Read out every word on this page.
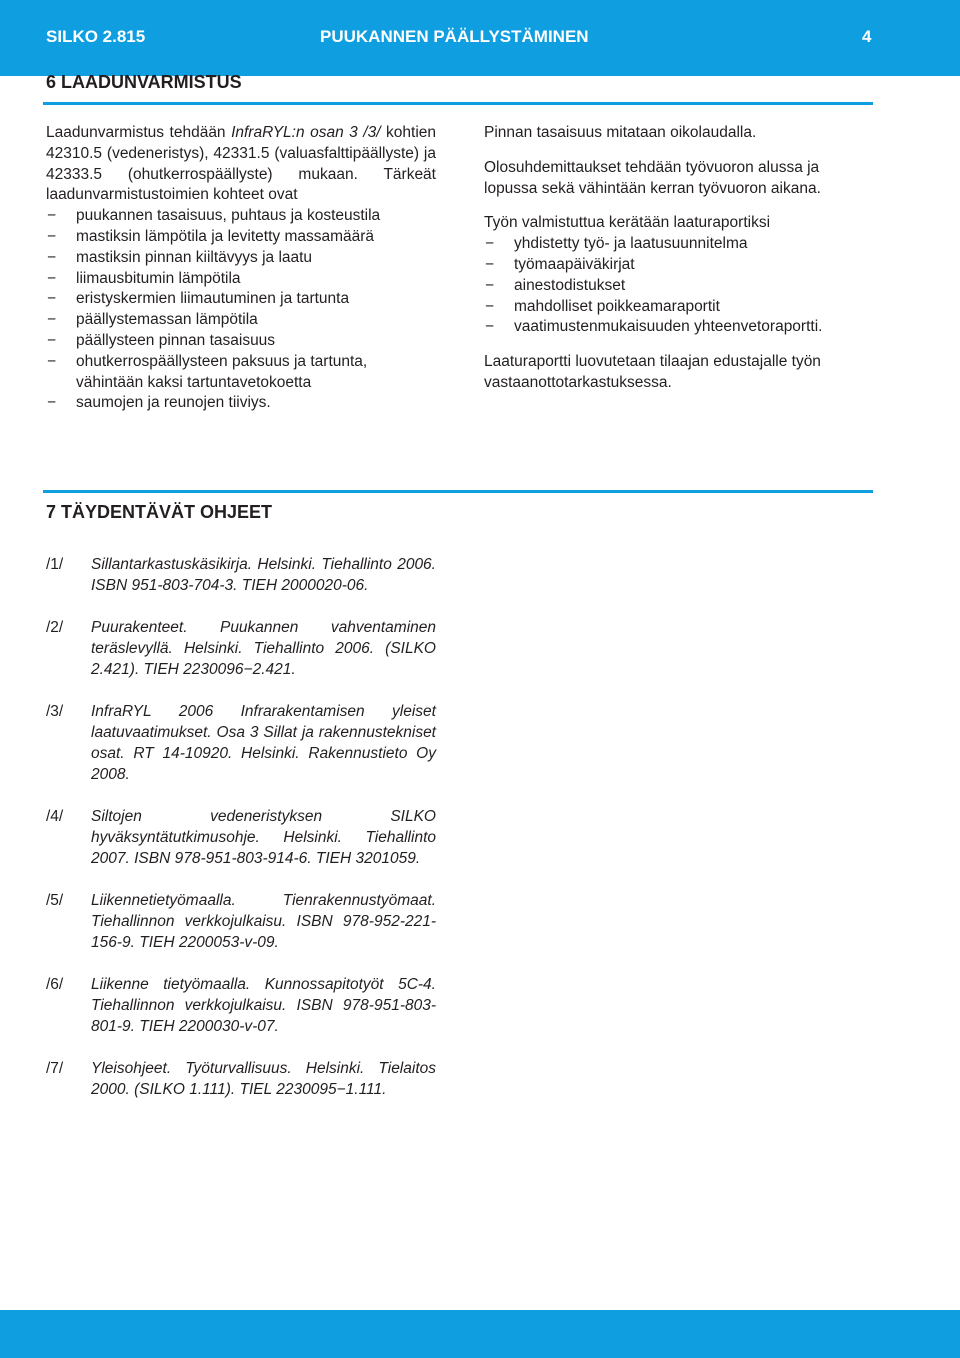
SILKO 2.815	PUUKANNEN PÄÄLLYSTÄMINEN	4
6 LAADUNVARMISTUS

Laadunvarmistus tehdään InfraRYL:n osan 3 /3/ kohtien 42310.5 (vedeneristys), 42331.5 (valuasfalttipäällyste) ja 42333.5 (ohutkerrospäällyste) mukaan. Tärkeät laadunvarmistustoimien kohteet ovat

− puukannen tasaisuus, puhtaus ja kosteustila
− mastiksin lämpötila ja levitetty massamäärä
− mastiksin pinnan kiiltävyys ja laatu
− liimausbitumin lämpötila
− eristyskermien liimautuminen ja tartunta
− päällystemassan lämpötila
− päällysteen pinnan tasaisuus
− ohutkerrospäällysteen paksuus ja tartunta, vähintään kaksi tartuntavetokoetta
− saumojen ja reunojen tiiviys.

Pinnan tasaisuus mitataan oikolaudalla.

Olosuhdemittaukset tehdään työvuoron alussa ja lopussa sekä vähintään kerran työvuoron aikana.

Työn valmistuttua kerätään laaturaportiksi

− yhdistetty työ- ja laatusuunnitelma
− työmaapäiväkirjat
− ainestodistukset
− mahdolliset poikkeamaraportit
− vaatimustenmukaisuuden yhteenvetoraportti.

Laaturaportti luovutetaan tilaajan edustajalle työn vastaanottotarkastuksessa.

7 TÄYDENTÄVÄT OHJEET
/1/ Sillantarkastuskäsikirja. Helsinki. Tiehallinto 2006. ISBN 951-803-704-3. TIEH 2000020-06.
/2/ Puurakenteet. Puukannen vahventaminen teräslevyllä. Helsinki. Tiehallinto 2006. (SILKO 2.421). TIEH 2230096−2.421.
/3/ InfraRYL 2006 Infrarakentamisen yleiset laatuvaatimukset. Osa 3 Sillat ja rakennustekniset osat. RT 14-10920. Helsinki. Rakennustieto Oy 2008.
/4/ Siltojen vedeneristyksen SILKO hyväksyntätutkimusohje. Helsinki. Tiehallinto 2007. ISBN 978-951-803-914-6. TIEH 3201059.
/5/ Liikennetietyömaalla. Tienrakennustyömaat. Tiehallinnon verkkojulkaisu. ISBN 978-952-221-156-9. TIEH 2200053-v-09.
/6/ Liikenne tietyömaalla. Kunnossapitotyöt 5C-4. Tiehallinnon verkkojulkaisu. ISBN 978-951-803-801-9. TIEH 2200030-v-07.
/7/ Yleisohjeet. Työturvallisuus. Helsinki. Tielaitos 2000. (SILKO 1.111). TIEL 2230095−1.111.
